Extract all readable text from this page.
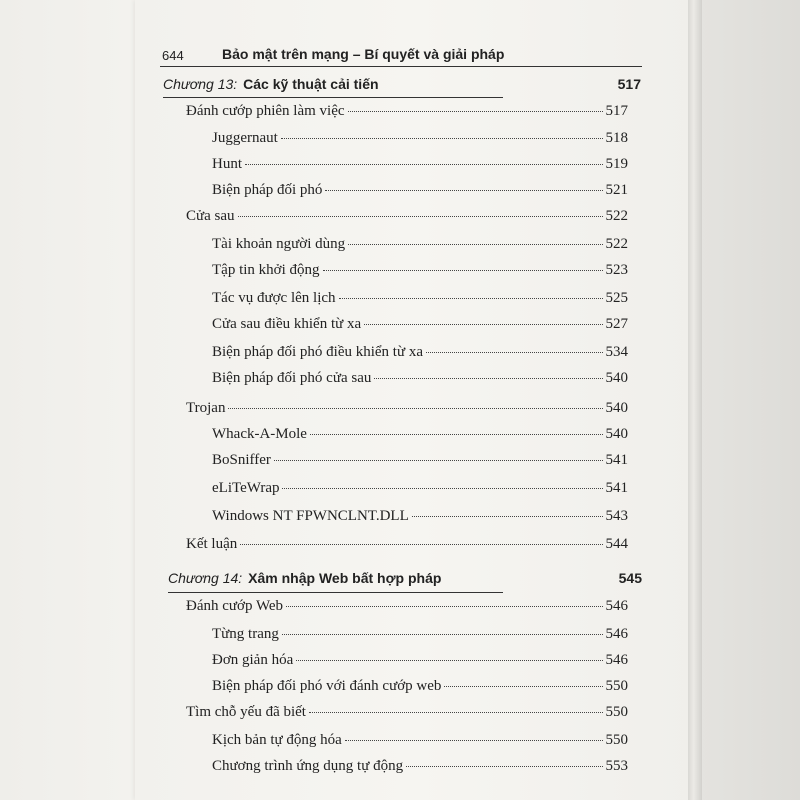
644	Bảo mật trên mạng – Bí quyết và giải pháp
Chương 13: Các kỹ thuật cải tiến	517
Đánh cướp phiên làm việc	517
Juggernaut	518
Hunt	519
Biện pháp đối phó	521
Cửa sau	522
Tài khoản người dùng	522
Tập tin khởi động	523
Tác vụ được lên lịch	525
Cửa sau điều khiển từ xa	527
Biện pháp đối phó điều khiển từ xa	534
Biện pháp đối phó cửa sau	540
Trojan	540
Whack-A-Mole	540
BoSniffer	541
eLiTeWrap	541
Windows NT FPWNCLNT.DLL	543
Kết luận	544
Chương 14: Xâm nhập Web bất hợp pháp	545
Đánh cướp Web	546
Từng trang	546
Đơn giản hóa	546
Biện pháp đối phó với đánh cướp web	550
Tìm chỗ yếu đã biết	550
Kịch bản tự động hóa	550
Chương trình ứng dụng tự động	553
